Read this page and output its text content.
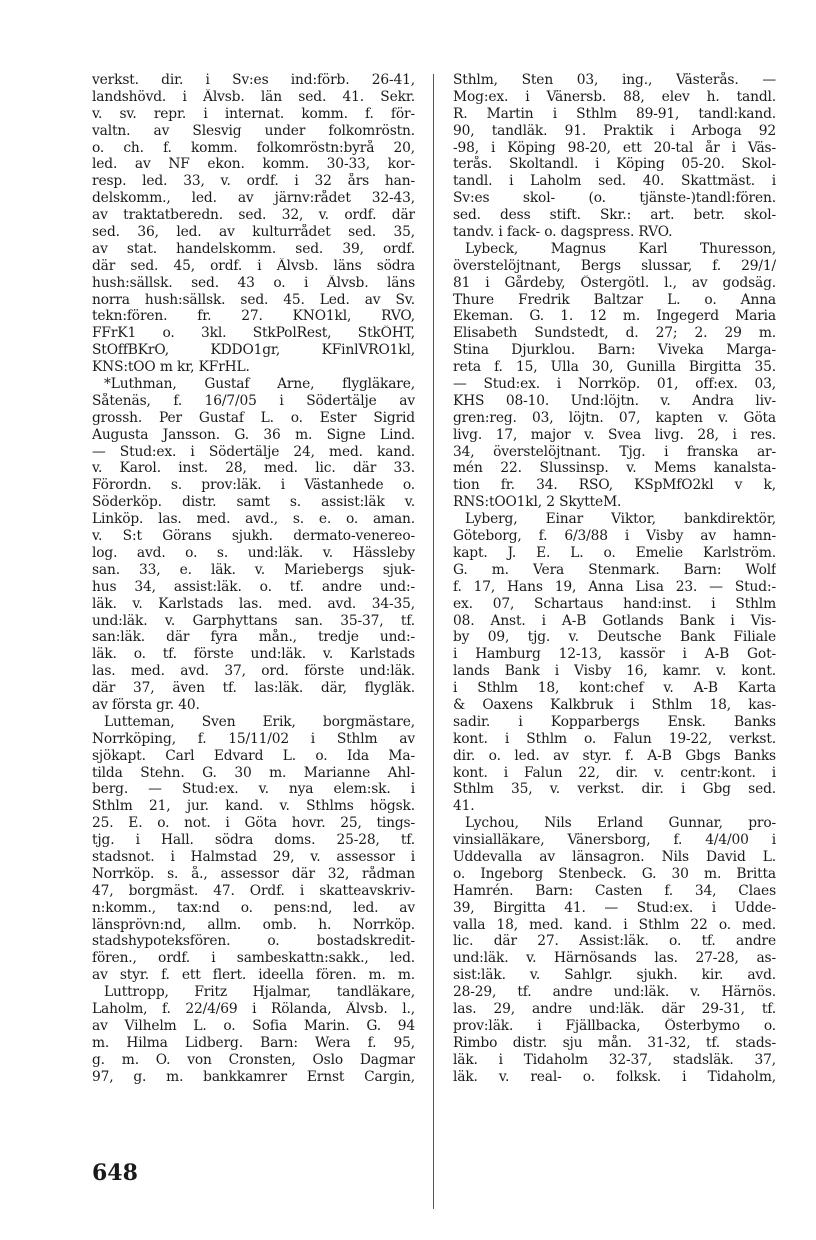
verkst. dir. i Sv:es ind:förb. 26-41,
landshövd. i Älvsb. län sed. 41. Sekr.
v. sv. repr. i internat. komm. f. för-
valtn. av Slesvig under folkomröstn.
o. ch. f. komm. folkomröstn:byrå 20,
led. av NF ekon. komm. 30-33, kor-
resp. led. 33, v. ordf. i 32 års han-
delskomm., led. av järnv:rådet 32-43,
av traktatberedn. sed. 32, v. ordf. där
sed. 36, led. av kulturrådet sed. 35,
av stat. handelskomm. sed. 39, ordf.
där sed. 45, ordf. i Älvsb. läns södra
hush:sällsk. sed. 43 o. i Älvsb. läns
norra hush:sällsk. sed. 45. Led. av Sv.
tekn:fören. fr. 27. KNO1kl, RVO,
FFrK1 o. 3kl. StkPolRest, StkÖHT,
StOffBKrO, KDDO1gr, KFinlVRO1kl,
KNS:tOO m kr, KFrHL.
*Luthman, Gustaf Arne, flygläkare,
Såtenäs, f. 16/7/05 i Södertälje av
grossh. Per Gustaf L. o. Ester Sigrid
Augusta Jansson. G. 36 m. Signe Lind.
— Stud:ex. i Södertälje 24, med. kand.
v. Karol. inst. 28, med. lic. där 33.
Förordn. s. prov:läk. i Västanhede o.
Söderköp. distr. samt s. assist:läk v.
Linköp. las. med. avd., s. e. o. aman.
v. S:t Görans sjukh. dermato-venereo-
log. avd. o. s. und:läk. v. Hässleby
san. 33, e. läk. v. Mariebergs sjuk-
hus 34, assist:läk. o. tf. andre und:-
läk. v. Karlstads las. med. avd. 34-35,
und:läk. v. Garphyttans san. 35-37, tf.
san:läk. där fyra mån., tredje und:-
läk. o. tf. förste und:läk. v. Karlstads
las. med. avd. 37, ord. förste und:läk.
där 37, även tf. las:läk. där, flygläk.
av första gr. 40.
Lutteman, Sven Erik, borgmästare,
Norrköping, f. 15/11/02 i Sthlm av
sjökapt. Carl Edvard L. o. Ida Ma-
tilda Stehn. G. 30 m. Marianne Ahl-
berg. — Stud:ex. v. nya elem:sk. i
Sthlm 21, jur. kand. v. Sthlms högsk.
25. E. o. not. i Göta hovr. 25, tings-
tjg. i Hall. södra doms. 25-28, tf.
stadsnot. i Halmstad 29, v. assessor i
Norrköp. s. å., assessor där 32, rådman
47, borgmäst. 47. Ordf. i skatteavskriv-
n:komm., tax:nd o. pens:nd, led. av
länsprövn:nd, allm. omb. h. Norrköp.
stadshypoteksfören. o. bostadskredit-
fören., ordf. i sambeskattn:sakk., led.
av styr. f. ett flert. ideella fören. m. m.
Luttropp, Fritz Hjalmar, tandläkare,
Laholm, f. 22/4/69 i Rölanda, Älvsb. l.,
av Vilhelm L. o. Sofia Marin. G. 94
m. Hilma Lidberg. Barn: Wera f. 95,
g. m. O. von Cronsten, Oslo Dagmar
97, g. m. bankkamrer Ernst Cargin,
Sthlm, Sten 03, ing., Västerås. —
Mog:ex. i Vänersb. 88, elev h. tandl.
R. Martin i Sthlm 89-91, tandl:kand.
90, tandläk. 91. Praktik i Arboga 92
-98, i Köping 98-20, ett 20-tal år i Väs-
terås. Skoltandl. i Köping 05-20. Skol-
tandl. i Laholm sed. 40. Skattmäst. i
Sv:es skol- (o. tjänste-)tandl:fören.
sed. dess stift. Skr.: art. betr. skol-
tandv. i fack- o. dagspress. RVO.
Lybeck, Magnus Karl Thuresson,
överstelöjtnant, Bergs slussar, f. 29/1/
81 i Gårdeby, Östergötl. l., av godsäg.
Thure Fredrik Baltzar L. o. Anna
Ekeman. G. 1. 12 m. Ingegerd Maria
Elisabeth Sundstedt, d. 27; 2. 29 m.
Stina Djurklou. Barn: Viveka Marga-
reta f. 15, Ulla 30, Gunilla Birgitta 35.
— Stud:ex. i Norrköp. 01, off:ex. 03,
KHS 08-10. Und:löjtn. v. Andra liv-
gren:reg. 03, löjtn. 07, kapten v. Göta
livg. 17, major v. Svea livg. 28, i res.
34, överstelöjtnant. Tjg. i franska ar-
mén 22. Slussinsp. v. Mems kanalsta-
tion fr. 34. RSO, KSpMfO2kl v k,
RNS:tOO1kl, 2 SkytteM.
Lyberg, Einar Viktor, bankdirektör,
Göteborg, f. 6/3/88 i Visby av hamn-
kapt. J. E. L. o. Emelie Karlström.
G. m. Vera Stenmark. Barn: Wolf
f. 17, Hans 19, Anna Lisa 23. — Stud:-
ex. 07, Schartaus hand:inst. i Sthlm
08. Anst. i A-B Gotlands Bank i Vis-
by 09, tjg. v. Deutsche Bank Filiale
i Hamburg 12-13, kassör i A-B Got-
lands Bank i Visby 16, kamr. v. kont.
i Sthlm 18, kont:chef v. A-B Karta
& Oaxens Kalkbruk i Sthlm 18, kas-
sadir. i Kopparbergs Ensk. Banks
kont. i Sthlm o. Falun 19-22, verkst.
dir. o. led. av styr. f. A-B Gbgs Banks
kont. i Falun 22, dir. v. centr:kont. i
Sthlm 35, v. verkst. dir. i Gbg sed.
41.
Lychou, Nils Erland Gunnar, pro-
vinsialläkare, Vänersborg, f. 4/4/00 i
Uddevalla av länsagron. Nils David L.
o. Ingeborg Stenbeck. G. 30 m. Britta
Hamrén. Barn: Casten f. 34, Claes
39, Birgitta 41. — Stud:ex. i Udde-
valla 18, med. kand. i Sthlm 22 o. med.
lic. där 27. Assist:läk. o. tf. andre
und:läk. v. Härnösands las. 27-28, as-
sist:läk. v. Sahlgr. sjukh. kir. avd.
28-29, tf. andre und:läk. v. Härnös.
las. 29, andre und:läk. där 29-31, tf.
prov:läk. i Fjällbacka, Österbymo o.
Rimbo distr. sju mån. 31-32, tf. stads-
läk. i Tidaholm 32-37, stadsläk. 37,
läk. v. real- o. folksk. i Tidaholm,
648
